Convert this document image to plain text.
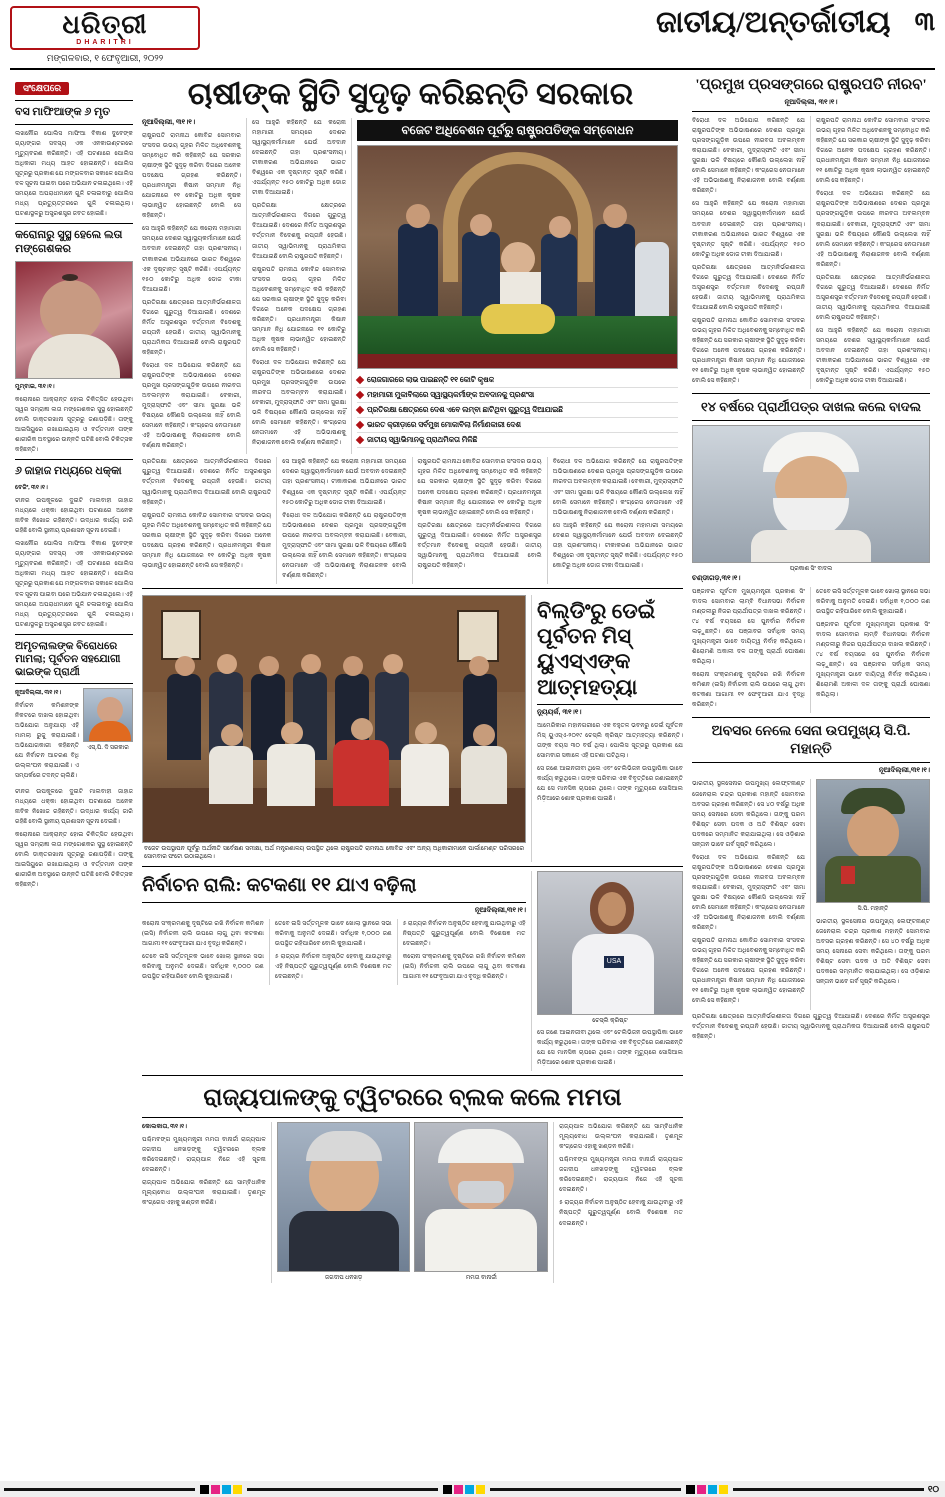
ଧରିତ୍ରୀ
DHARITRI
ମଙ୍ଗଳବାର, ୧ ଫେବୃଆରୀ, ୨୦୨୨
ଜାତୀୟ/ଅନ୍ତର୍ଜାତୀୟ ୩
ସଂକ୍ଷେପରେ
ବସ ମାଫିଆଙ୍କ ୬ ମୃତ

ଲଖନୌର ପୋଲିସ ମାଫିଆ ବିକାଶ ଦୁବେଙ୍କ ଗ୍ୟାଙ୍ଗର ସଦସ୍ୟ ଏକ ଏନକାଉଣ୍ଟରରେ ମୃତ୍ୟୁବରଣ କରିଛନ୍ତି। ଏହି ଘଟଣାରେ ପୋଲିସ ଅଧିକାରୀ ମଧ୍ୟ ଆହତ ହୋଇଛନ୍ତି। ପୋଲିସ ସୂତ୍ରରୁ ପ୍ରକାଶ ଯେ ମଙ୍ଗଳବାର ସକାଳେ ପୋଲିସ ଦଳ ସୂଚନା ପାଇବା ପରେ ଅଭିଯାନ ଚଳାଇଥିଲେ। ଏହି ସମୟରେ ଅପରାଧୀମାନେ ଗୁଳି ଚଳାଇବାରୁ ପୋଲିସ ମଧ୍ୟ ପ୍ରତ୍ୟୁତ୍ତରରେ ଗୁଳି ଚଳାଇଥିଲା। ଘଟଣାସ୍ଥଳରୁ ଅସ୍ତ୍ରଶସ୍ତ୍ର ଜବତ ହୋଇଛି।

କରୋନାରୁ ସୁସ୍ଥ ହେଲେ ଲତା ମଙ୍ଗେଶକର

ମୁମ୍ବାଇ, ୩୧।୧।

କରୋନାରେ ଆକ୍ରାନ୍ତ ହୋଇ ଚିକିତ୍ସିତ ହେଉଥିବା ସ୍ୱର ସମ୍ରାଜ୍ଞୀ ଲତା ମଙ୍ଗେଶକର ସୁସ୍ଥ ହୋଇଛନ୍ତି ବୋଲି ଡାକ୍ତରଖାନା ସୂତ୍ରରୁ ଜଣାପଡ଼ିଛି। ତାଙ୍କୁ ଆଇସିୟୁରେ ରଖାଯାଇଥିଲା ଓ ବର୍ତ୍ତମାନ ତାଙ୍କ ଶାରୀରିକ ଅବସ୍ଥାରେ ଉନ୍ନତି ଘଟିଛି ବୋଲି ଚିକିତ୍ସକ କହିଛନ୍ତି।

୬ ଜାହାଜ ମଧ୍ୟରେ ଧକ୍କା

ବେଜିଂ, ୩୧।୧।

ଚୀନର ଉପକୂଳରେ ଦୁଇଟି ମାଲବାହୀ ଜାହାଜ ମଧ୍ୟରେ ଧକ୍କା ହୋଇଥିବା ଘଟଣାରେ ଅନେକ ନାବିକ ନିଖୋଜ ରହିଛନ୍ତି। ଉଦ୍ଧାର କାର୍ଯ୍ୟ ଜାରି ରହିଛି ବୋଲି ସ୍ଥାନୀୟ ପ୍ରଶାସନ ସୂଚନା ଦେଇଛି।

ଲଖନୌର ପୋଲିସ ମାଫିଆ ବିକାଶ ଦୁବେଙ୍କ ଗ୍ୟାଙ୍ଗର ସଦସ୍ୟ ଏକ ଏନକାଉଣ୍ଟରରେ ମୃତ୍ୟୁବରଣ କରିଛନ୍ତି। ଏହି ଘଟଣାରେ ପୋଲିସ ଅଧିକାରୀ ମଧ୍ୟ ଆହତ ହୋଇଛନ୍ତି। ପୋଲିସ ସୂତ୍ରରୁ ପ୍ରକାଶ ଯେ ମଙ୍ଗଳବାର ସକାଳେ ପୋଲିସ ଦଳ ସୂଚନା ପାଇବା ପରେ ଅଭିଯାନ ଚଳାଇଥିଲେ। ଏହି ସମୟରେ ଅପରାଧୀମାନେ ଗୁଳି ଚଳାଇବାରୁ ପୋଲିସ ମଧ୍ୟ ପ୍ରତ୍ୟୁତ୍ତରରେ ଗୁଳି ଚଳାଇଥିଲା। ଘଟଣାସ୍ଥଳରୁ ଅସ୍ତ୍ରଶସ୍ତ୍ର ଜବତ ହୋଇଛି।

ଅମୃତଲାଲଙ୍କ ବିରୋଧରେ ମାମଲା; ପୂର୍ବତନ ସହଯୋଗୀ ଭାଇଙ୍କ ପ୍ରାର୍ଥୀ

ନୂଆଦିଲ୍ଲୀ, ୩୧।୧।

ନିର୍ବାଚନ କମିଶନଙ୍କ ନିକଟରେ ଦାଖଲ ହୋଇଥିବା ଅଭିଯୋଗ ଅନୁଯାୟୀ ଏହି ମାମଲା ରୁଜୁ କରାଯାଇଛି। ଅଭିଯୋଗକାରୀ କହିଛନ୍ତି ଯେ ନିର୍ବାଚନ ଆଚରଣ ବିଧି ଉଲ୍ଲଂଘନ କରାଯାଇଛି। ଏ ସମ୍ପର୍କରେ ତଦନ୍ତ ଚାଲିଛି।

ଏସ୍.ପି. ଦି ସରକାର

ଚୀନର ଉପକୂଳରେ ଦୁଇଟି ମାଲବାହୀ ଜାହାଜ ମଧ୍ୟରେ ଧକ୍କା ହୋଇଥିବା ଘଟଣାରେ ଅନେକ ନାବିକ ନିଖୋଜ ରହିଛନ୍ତି। ଉଦ୍ଧାର କାର୍ଯ୍ୟ ଜାରି ରହିଛି ବୋଲି ସ୍ଥାନୀୟ ପ୍ରଶାସନ ସୂଚନା ଦେଇଛି।

କରୋନାରେ ଆକ୍ରାନ୍ତ ହୋଇ ଚିକିତ୍ସିତ ହେଉଥିବା ସ୍ୱର ସମ୍ରାଜ୍ଞୀ ଲତା ମଙ୍ଗେଶକର ସୁସ୍ଥ ହୋଇଛନ୍ତି ବୋଲି ଡାକ୍ତରଖାନା ସୂତ୍ରରୁ ଜଣାପଡ଼ିଛି। ତାଙ୍କୁ ଆଇସିୟୁରେ ରଖାଯାଇଥିଲା ଓ ବର୍ତ୍ତମାନ ତାଙ୍କ ଶାରୀରିକ ଅବସ୍ଥାରେ ଉନ୍ନତି ଘଟିଛି ବୋଲି ଚିକିତ୍ସକ କହିଛନ୍ତି।

ଚାଷୀଙ୍କ ସ୍ଥିତି ସୁଦୃଢ଼ କରିଛନ୍ତି ସରକାର
ନୂଆଦିଲ୍ଲୀ, ୩୧।୧।

ରାଷ୍ଟ୍ରପତି ରାମନାଥ କୋବିନ୍ଦ ସୋମବାର ସଂସଦର ଉଭୟ ଗୃହର ମିଳିତ ଅଧିବେଶନକୁ ସମ୍ବୋଧିତ କରି କହିଛନ୍ତି ଯେ ସରକାର ଚାଷୀଙ୍କ ସ୍ଥିତି ସୁଦୃଢ଼ କରିବା ଦିଗରେ ଅନେକ ପଦକ୍ଷେପ ଗ୍ରହଣ କରିଛନ୍ତି। ପ୍ରଧାନମନ୍ତ୍ରୀ କିଷାନ ସମ୍ମାନ ନିଧି ଯୋଜନାରେ ୧୧ କୋଟିରୁ ଅଧିକ କୃଷକ ଲାଭାନ୍ୱିତ ହୋଇଛନ୍ତି ବୋଲି ସେ କହିଛନ୍ତି।

ସେ ଆହୁରି କହିଛନ୍ତି ଯେ କରୋନା ମହାମାରୀ ସମୟରେ ଦେଶର ସ୍ୱାସ୍ଥ୍ୟକର୍ମୀମାନେ ଯେଉଁ ଅବଦାନ ଦେଇଛନ୍ତି ତାହା ପ୍ରଶଂସନୀୟ। ଟୀକାକରଣ ଅଭିଯାନରେ ଭାରତ ବିଶ୍ୱରେ ଏକ ଦୃଷ୍ଟାନ୍ତ ସୃଷ୍ଟି କରିଛି। ଏପର୍ଯ୍ୟନ୍ତ ୧୫୦ କୋଟିରୁ ଅଧିକ ଡୋଜ ଟୀକା ଦିଆଯାଇଛି।

ପ୍ରତିରକ୍ଷା କ୍ଷେତ୍ରରେ ଆତ୍ମନିର୍ଭରଶୀଳତା ଦିଗରେ ଗୁରୁତ୍ୱ ଦିଆଯାଇଛି। ଦେଶରେ ନିର୍ମିତ ଅସ୍ତ୍ରଶସ୍ତ୍ର ବର୍ତ୍ତମାନ ବିଦେଶକୁ ରପ୍ତାନି ହେଉଛି। ଜାତୀୟ ସ୍ୱାଭିମାନକୁ ପ୍ରାଥମିକତା ଦିଆଯାଇଛି ବୋଲି ରାଷ୍ଟ୍ରପତି କହିଛନ୍ତି।

ବିରୋଧୀ ଦଳ ଅଭିଯୋଗ କରିଛନ୍ତି ଯେ ରାଷ୍ଟ୍ରପତିଙ୍କ ଅଭିଭାଷଣରେ ଦେଶର ପ୍ରମୁଖ ପ୍ରସଙ୍ଗଗୁଡ଼ିକ ଉପରେ ନୀରବତା ଅବଲମ୍ବନ କରାଯାଇଛି। ବେକାରୀ, ମୁଦ୍ରାସ୍ଫୀତି ଏବଂ ସୀମା ସୁରକ୍ଷା ଭଳି ବିଷୟରେ କୌଣସି ଉଲ୍ଲେଖ ନାହିଁ ବୋଲି ସେମାନେ କହିଛନ୍ତି। କଂଗ୍ରେସ ନେତାମାନେ ଏହି ଅଭିଭାଷଣକୁ ନିରାଶାଜନକ ବୋଲି ବର୍ଣ୍ଣନା କରିଛନ୍ତି।

ସେ ଆହୁରି କହିଛନ୍ତି ଯେ କରୋନା ମହାମାରୀ ସମୟରେ ଦେଶର ସ୍ୱାସ୍ଥ୍ୟକର୍ମୀମାନେ ଯେଉଁ ଅବଦାନ ଦେଇଛନ୍ତି ତାହା ପ୍ରଶଂସନୀୟ। ଟୀକାକରଣ ଅଭିଯାନରେ ଭାରତ ବିଶ୍ୱରେ ଏକ ଦୃଷ୍ଟାନ୍ତ ସୃଷ୍ଟି କରିଛି। ଏପର୍ଯ୍ୟନ୍ତ ୧୫୦ କୋଟିରୁ ଅଧିକ ଡୋଜ ଟୀକା ଦିଆଯାଇଛି।

ପ୍ରତିରକ୍ଷା କ୍ଷେତ୍ରରେ ଆତ୍ମନିର୍ଭରଶୀଳତା ଦିଗରେ ଗୁରୁତ୍ୱ ଦିଆଯାଇଛି। ଦେଶରେ ନିର୍ମିତ ଅସ୍ତ୍ରଶସ୍ତ୍ର ବର୍ତ୍ତମାନ ବିଦେଶକୁ ରପ୍ତାନି ହେଉଛି। ଜାତୀୟ ସ୍ୱାଭିମାନକୁ ପ୍ରାଥମିକତା ଦିଆଯାଇଛି ବୋଲି ରାଷ୍ଟ୍ରପତି କହିଛନ୍ତି।

ରାଷ୍ଟ୍ରପତି ରାମନାଥ କୋବିନ୍ଦ ସୋମବାର ସଂସଦର ଉଭୟ ଗୃହର ମିଳିତ ଅଧିବେଶନକୁ ସମ୍ବୋଧିତ କରି କହିଛନ୍ତି ଯେ ସରକାର ଚାଷୀଙ୍କ ସ୍ଥିତି ସୁଦୃଢ଼ କରିବା ଦିଗରେ ଅନେକ ପଦକ୍ଷେପ ଗ୍ରହଣ କରିଛନ୍ତି। ପ୍ରଧାନମନ୍ତ୍ରୀ କିଷାନ ସମ୍ମାନ ନିଧି ଯୋଜନାରେ ୧୧ କୋଟିରୁ ଅଧିକ କୃଷକ ଲାଭାନ୍ୱିତ ହୋଇଛନ୍ତି ବୋଲି ସେ କହିଛନ୍ତି।

ବିରୋଧୀ ଦଳ ଅଭିଯୋଗ କରିଛନ୍ତି ଯେ ରାଷ୍ଟ୍ରପତିଙ୍କ ଅଭିଭାଷଣରେ ଦେଶର ପ୍ରମୁଖ ପ୍ରସଙ୍ଗଗୁଡ଼ିକ ଉପରେ ନୀରବତା ଅବଲମ୍ବନ କରାଯାଇଛି। ବେକାରୀ, ମୁଦ୍ରାସ୍ଫୀତି ଏବଂ ସୀମା ସୁରକ୍ଷା ଭଳି ବିଷୟରେ କୌଣସି ଉଲ୍ଲେଖ ନାହିଁ ବୋଲି ସେମାନେ କହିଛନ୍ତି। କଂଗ୍ରେସ ନେତାମାନେ ଏହି ଅଭିଭାଷଣକୁ ନିରାଶାଜନକ ବୋଲି ବର୍ଣ୍ଣନା କରିଛନ୍ତି।

ବଜେଟ ଅଧିବେଶନ ପୂର୍ବରୁ ରାଷ୍ଟ୍ରପତିଙ୍କ ସମ୍ବୋଧନ
ରୋଜଗାରରେ ଲାଭ ପାଇଛନ୍ତି ୧୧ କୋଟି କୃଷକ
ମହାମାରୀ ମୁକାବିଲାରେ ସ୍ୱାସ୍ଥ୍ୟକର୍ମୀଙ୍କ ଅବଦାନକୁ ପ୍ରଶଂସା
ପ୍ରତିରକ୍ଷା କ୍ଷେତ୍ରରେ ଦେଶ ଏବେ ଲମ୍ବା ଛାଟିଥିବା ଗୁରୁତ୍ୱ ଦିଆଯାଇଛି
ଭାରତ କ୍ରୀଡ଼ାରେ ସର୍ବମୁଖ ମୋକାବିଲା ନିର୍ମାଣକାରୀ ଦେଶ
ଜାତୀୟ ସ୍ୱାଭିମାନକୁ ପ୍ରାଥମିକତା ମିଳିଛି

ପ୍ରତିରକ୍ଷା କ୍ଷେତ୍ରରେ ଆତ୍ମନିର୍ଭରଶୀଳତା ଦିଗରେ ଗୁରୁତ୍ୱ ଦିଆଯାଇଛି। ଦେଶରେ ନିର୍ମିତ ଅସ୍ତ୍ରଶସ୍ତ୍ର ବର୍ତ୍ତମାନ ବିଦେଶକୁ ରପ୍ତାନି ହେଉଛି। ଜାତୀୟ ସ୍ୱାଭିମାନକୁ ପ୍ରାଥମିକତା ଦିଆଯାଇଛି ବୋଲି ରାଷ୍ଟ୍ରପତି କହିଛନ୍ତି।

ରାଷ୍ଟ୍ରପତି ରାମନାଥ କୋବିନ୍ଦ ସୋମବାର ସଂସଦର ଉଭୟ ଗୃହର ମିଳିତ ଅଧିବେଶନକୁ ସମ୍ବୋଧିତ କରି କହିଛନ୍ତି ଯେ ସରକାର ଚାଷୀଙ୍କ ସ୍ଥିତି ସୁଦୃଢ଼ କରିବା ଦିଗରେ ଅନେକ ପଦକ୍ଷେପ ଗ୍ରହଣ କରିଛନ୍ତି। ପ୍ରଧାନମନ୍ତ୍ରୀ କିଷାନ ସମ୍ମାନ ନିଧି ଯୋଜନାରେ ୧୧ କୋଟିରୁ ଅଧିକ କୃଷକ ଲାଭାନ୍ୱିତ ହୋଇଛନ୍ତି ବୋଲି ସେ କହିଛନ୍ତି।

ସେ ଆହୁରି କହିଛନ୍ତି ଯେ କରୋନା ମହାମାରୀ ସମୟରେ ଦେଶର ସ୍ୱାସ୍ଥ୍ୟକର୍ମୀମାନେ ଯେଉଁ ଅବଦାନ ଦେଇଛନ୍ତି ତାହା ପ୍ରଶଂସନୀୟ। ଟୀକାକରଣ ଅଭିଯାନରେ ଭାରତ ବିଶ୍ୱରେ ଏକ ଦୃଷ୍ଟାନ୍ତ ସୃଷ୍ଟି କରିଛି। ଏପର୍ଯ୍ୟନ୍ତ ୧୫୦ କୋଟିରୁ ଅଧିକ ଡୋଜ ଟୀକା ଦିଆଯାଇଛି।

ବିରୋଧୀ ଦଳ ଅଭିଯୋଗ କରିଛନ୍ତି ଯେ ରାଷ୍ଟ୍ରପତିଙ୍କ ଅଭିଭାଷଣରେ ଦେଶର ପ୍ରମୁଖ ପ୍ରସଙ୍ଗଗୁଡ଼ିକ ଉପରେ ନୀରବତା ଅବଲମ୍ବନ କରାଯାଇଛି। ବେକାରୀ, ମୁଦ୍ରାସ୍ଫୀତି ଏବଂ ସୀମା ସୁରକ୍ଷା ଭଳି ବିଷୟରେ କୌଣସି ଉଲ୍ଲେଖ ନାହିଁ ବୋଲି ସେମାନେ କହିଛନ୍ତି। କଂଗ୍ରେସ ନେତାମାନେ ଏହି ଅଭିଭାଷଣକୁ ନିରାଶାଜନକ ବୋଲି ବର୍ଣ୍ଣନା କରିଛନ୍ତି।

ରାଷ୍ଟ୍ରପତି ରାମନାଥ କୋବିନ୍ଦ ସୋମବାର ସଂସଦର ଉଭୟ ଗୃହର ମିଳିତ ଅଧିବେଶନକୁ ସମ୍ବୋଧିତ କରି କହିଛନ୍ତି ଯେ ସରକାର ଚାଷୀଙ୍କ ସ୍ଥିତି ସୁଦୃଢ଼ କରିବା ଦିଗରେ ଅନେକ ପଦକ୍ଷେପ ଗ୍ରହଣ କରିଛନ୍ତି। ପ୍ରଧାନମନ୍ତ୍ରୀ କିଷାନ ସମ୍ମାନ ନିଧି ଯୋଜନାରେ ୧୧ କୋଟିରୁ ଅଧିକ କୃଷକ ଲାଭାନ୍ୱିତ ହୋଇଛନ୍ତି ବୋଲି ସେ କହିଛନ୍ତି।

ପ୍ରତିରକ୍ଷା କ୍ଷେତ୍ରରେ ଆତ୍ମନିର୍ଭରଶୀଳତା ଦିଗରେ ଗୁରୁତ୍ୱ ଦିଆଯାଇଛି। ଦେଶରେ ନିର୍ମିତ ଅସ୍ତ୍ରଶସ୍ତ୍ର ବର୍ତ୍ତମାନ ବିଦେଶକୁ ରପ୍ତାନି ହେଉଛି। ଜାତୀୟ ସ୍ୱାଭିମାନକୁ ପ୍ରାଥମିକତା ଦିଆଯାଇଛି ବୋଲି ରାଷ୍ଟ୍ରପତି କହିଛନ୍ତି।

ବିରୋଧୀ ଦଳ ଅଭିଯୋଗ କରିଛନ୍ତି ଯେ ରାଷ୍ଟ୍ରପତିଙ୍କ ଅଭିଭାଷଣରେ ଦେଶର ପ୍ରମୁଖ ପ୍ରସଙ୍ଗଗୁଡ଼ିକ ଉପରେ ନୀରବତା ଅବଲମ୍ବନ କରାଯାଇଛି। ବେକାରୀ, ମୁଦ୍ରାସ୍ଫୀତି ଏବଂ ସୀମା ସୁରକ୍ଷା ଭଳି ବିଷୟରେ କୌଣସି ଉଲ୍ଲେଖ ନାହିଁ ବୋଲି ସେମାନେ କହିଛନ୍ତି। କଂଗ୍ରେସ ନେତାମାନେ ଏହି ଅଭିଭାଷଣକୁ ନିରାଶାଜନକ ବୋଲି ବର୍ଣ୍ଣନା କରିଛନ୍ତି।

ସେ ଆହୁରି କହିଛନ୍ତି ଯେ କରୋନା ମହାମାରୀ ସମୟରେ ଦେଶର ସ୍ୱାସ୍ଥ୍ୟକର୍ମୀମାନେ ଯେଉଁ ଅବଦାନ ଦେଇଛନ୍ତି ତାହା ପ୍ରଶଂସନୀୟ। ଟୀକାକରଣ ଅଭିଯାନରେ ଭାରତ ବିଶ୍ୱରେ ଏକ ଦୃଷ୍ଟାନ୍ତ ସୃଷ୍ଟି କରିଛି। ଏପର୍ଯ୍ୟନ୍ତ ୧୫୦ କୋଟିରୁ ଅଧିକ ଡୋଜ ଟୀକା ଦିଆଯାଇଛି।

ବଜେଟ ଉପସ୍ଥାପନ ପୂର୍ବରୁ ଅର୍ଥନୀତି ସର୍ବେକ୍ଷଣ ସମୀକ୍ଷା, ଅର୍ଥ ମନ୍ତ୍ରଣାଳୟ ଉପସ୍ଥିତ ଥିଲେ ରାଷ୍ଟ୍ରପତି ରାମନାଥ କୋବିନ୍ଦ ଏବଂ ଅନ୍ୟ ଅଧିକାରୀମାନେ ପାର୍ଲାମେଣ୍ଟ ପରିସରରେ ସୋମବାର ଫଟୋ ଉଠାଇଥିଲେ।
ବିଲ୍ଡିଂରୁ ଡେଇଁ ପୂର୍ବତନ ମିସ୍ ୟୁଏସ୍ଏଙ୍କ ଆତ୍ମହତ୍ୟା
ନ୍ୟୁୟର୍କ, ୩୧।୧।

ଆମେରିକାର ମହାନଗରୀରେ ଏକ ବହୁତଳ ଭବନରୁ ଡେଇଁ ପୂର୍ବତନ ମିସ୍ ୟୁଏସ୍ଏ-୨୦୧୯ ଚେସ୍ଲି କ୍ରିଷ୍ଟ ଆତ୍ମହତ୍ୟା କରିଛନ୍ତି। ତାଙ୍କ ବୟସ ୩୦ ବର୍ଷ ଥିଲା। ପୋଲିସ ସୂତ୍ରରୁ ପ୍ରକାଶ ଯେ ସୋମବାର ସକାଳେ ଏହି ଘଟଣା ଘଟିଥିଲା।

ସେ ଜଣେ ଆଇନଜୀବୀ ଥିଲେ ଏବଂ ଟେଲିଭିଜନ ଉପସ୍ଥାପିକା ଭାବେ କାର୍ଯ୍ୟ କରୁଥିଲେ। ତାଙ୍କ ପରିବାର ଏକ ବିବୃତ୍ତିରେ ଜଣାଇଛନ୍ତି ଯେ ସେ ମାନସିକ ଚାପରେ ଥିଲେ। ତାଙ୍କ ମୃତ୍ୟୁରେ ସୋସିଆଲ ମିଡ଼ିଆରେ ଶୋକ ପ୍ରକାଶ ପାଇଛି।

ନିର୍ବାଚନ ରାଲି: କଟକଣା ୧୧ ଯାଏ ବଢ଼ିଲା
ନୂଆଦିଲ୍ଲୀ,୩୧।୧।

କରୋନା ସଂକ୍ରମଣକୁ ଦୃଷ୍ଟିରେ ରଖି ନିର୍ବାଚନ କମିଶନ (ଇସି) ନିର୍ବାଚନୀ ରାଲି ଉପରେ ଲାଗୁ ଥିବା କଟକଣା ଆଗାମୀ ୧୧ ଫେବୃଆରୀ ଯାଏ ବୃଦ୍ଧି କରିଛନ୍ତି।

ତେବେ ଇସି ସର୍ତ୍ତମୂଳକ ଭାବେ ଖୋଲା ସ୍ଥାନରେ ସଭା କରିବାକୁ ଅନୁମତି ଦେଇଛି। ସର୍ବାଧିକ ୧,୦୦୦ ଜଣ ଉପସ୍ଥିତ ରହିପାରିବେ ବୋଲି କୁହାଯାଇଛି।

ତେବେ ଇସି ସର୍ତ୍ତମୂଳକ ଭାବେ ଖୋଲା ସ୍ଥାନରେ ସଭା କରିବାକୁ ଅନୁମତି ଦେଇଛି। ସର୍ବାଧିକ ୧,୦୦୦ ଜଣ ଉପସ୍ଥିତ ରହିପାରିବେ ବୋଲି କୁହାଯାଇଛି।

୫ ରାଜ୍ୟର ନିର୍ବାଚନ ଅନୁଷ୍ଠିତ ହେବାକୁ ଯାଉଥିବାରୁ ଏହି ନିଷ୍ପତ୍ତି ଗୁରୁତ୍ୱପୂର୍ଣ୍ଣ ବୋଲି ବିଶେଷଜ୍ଞ ମତ ଦେଇଛନ୍ତି।

୫ ରାଜ୍ୟର ନିର୍ବାଚନ ଅନୁଷ୍ଠିତ ହେବାକୁ ଯାଉଥିବାରୁ ଏହି ନିଷ୍ପତ୍ତି ଗୁରୁତ୍ୱପୂର୍ଣ୍ଣ ବୋଲି ବିଶେଷଜ୍ଞ ମତ ଦେଇଛନ୍ତି।

କରୋନା ସଂକ୍ରମଣକୁ ଦୃଷ୍ଟିରେ ରଖି ନିର୍ବାଚନ କମିଶନ (ଇସି) ନିର୍ବାଚନୀ ରାଲି ଉପରେ ଲାଗୁ ଥିବା କଟକଣା ଆଗାମୀ ୧୧ ଫେବୃଆରୀ ଯାଏ ବୃଦ୍ଧି କରିଛନ୍ତି।

USA
ଚେସ୍ଲି କ୍ରିଷ୍ଟ

ସେ ଜଣେ ଆଇନଜୀବୀ ଥିଲେ ଏବଂ ଟେଲିଭିଜନ ଉପସ୍ଥାପିକା ଭାବେ କାର୍ଯ୍ୟ କରୁଥିଲେ। ତାଙ୍କ ପରିବାର ଏକ ବିବୃତ୍ତିରେ ଜଣାଇଛନ୍ତି ଯେ ସେ ମାନସିକ ଚାପରେ ଥିଲେ। ତାଙ୍କ ମୃତ୍ୟୁରେ ସୋସିଆଲ ମିଡ଼ିଆରେ ଶୋକ ପ୍ରକାଶ ପାଇଛି।

ରାଜ୍ୟପାଳଙ୍କୁ ଟ୍ୱିଟରରେ ବ୍ଲକ କଲେ ମମତା

କୋଲକାତା, ୩୧।୧।

ପଶ୍ଚିମବଙ୍ଗ ମୁଖ୍ୟମନ୍ତ୍ରୀ ମମତା ବାନାର୍ଜୀ ରାଜ୍ୟପାଳ ଜଗଦୀପ ଧନଖଡ଼ଙ୍କୁ ଟ୍ୱିଟରରେ ବ୍ଲକ କରିଦେଇଛନ୍ତି। ରାଜ୍ୟପାଳ ନିଜେ ଏହି ସୂଚନା ଦେଇଛନ୍ତି।

ରାଜ୍ୟପାଳ ଅଭିଯୋଗ କରିଛନ୍ତି ଯେ ସାମ୍ବିଧାନିକ ମୂଲ୍ୟବୋଧ ଉଲ୍ଲଂଘନ କରାଯାଇଛି। ତୃଣମୂଳ କଂଗ୍ରେସ ଏହାକୁ ଖଣ୍ଡନ କରିଛି।

ଜଗଦୀପ ଧନଖଡ଼	ମମତା ବାନାର୍ଜୀ

ରାଜ୍ୟପାଳ ଅଭିଯୋଗ କରିଛନ୍ତି ଯେ ସାମ୍ବିଧାନିକ ମୂଲ୍ୟବୋଧ ଉଲ୍ଲଂଘନ କରାଯାଇଛି। ତୃଣମୂଳ କଂଗ୍ରେସ ଏହାକୁ ଖଣ୍ଡନ କରିଛି।

ପଶ୍ଚିମବଙ୍ଗ ମୁଖ୍ୟମନ୍ତ୍ରୀ ମମତା ବାନାର୍ଜୀ ରାଜ୍ୟପାଳ ଜଗଦୀପ ଧନଖଡ଼ଙ୍କୁ ଟ୍ୱିଟରରେ ବ୍ଲକ କରିଦେଇଛନ୍ତି। ରାଜ୍ୟପାଳ ନିଜେ ଏହି ସୂଚନା ଦେଇଛନ୍ତି।

୫ ରାଜ୍ୟର ନିର୍ବାଚନ ଅନୁଷ୍ଠିତ ହେବାକୁ ଯାଉଥିବାରୁ ଏହି ନିଷ୍ପତ୍ତି ଗୁରୁତ୍ୱପୂର୍ଣ୍ଣ ବୋଲି ବିଶେଷଜ୍ଞ ମତ ଦେଇଛନ୍ତି।

'ପ୍ରମୁଖ ପ୍ରସଙ୍ଗରେ ରାଷ୍ଟ୍ରପତି ନୀରବ'
ନୂଆଦିଲ୍ଲୀ, ୩୧।୧।

ବିରୋଧୀ ଦଳ ଅଭିଯୋଗ କରିଛନ୍ତି ଯେ ରାଷ୍ଟ୍ରପତିଙ୍କ ଅଭିଭାଷଣରେ ଦେଶର ପ୍ରମୁଖ ପ୍ରସଙ୍ଗଗୁଡ଼ିକ ଉପରେ ନୀରବତା ଅବଲମ୍ବନ କରାଯାଇଛି। ବେକାରୀ, ମୁଦ୍ରାସ୍ଫୀତି ଏବଂ ସୀମା ସୁରକ୍ଷା ଭଳି ବିଷୟରେ କୌଣସି ଉଲ୍ଲେଖ ନାହିଁ ବୋଲି ସେମାନେ କହିଛନ୍ତି। କଂଗ୍ରେସ ନେତାମାନେ ଏହି ଅଭିଭାଷଣକୁ ନିରାଶାଜନକ ବୋଲି ବର୍ଣ୍ଣନା କରିଛନ୍ତି।

ସେ ଆହୁରି କହିଛନ୍ତି ଯେ କରୋନା ମହାମାରୀ ସମୟରେ ଦେଶର ସ୍ୱାସ୍ଥ୍ୟକର୍ମୀମାନେ ଯେଉଁ ଅବଦାନ ଦେଇଛନ୍ତି ତାହା ପ୍ରଶଂସନୀୟ। ଟୀକାକରଣ ଅଭିଯାନରେ ଭାରତ ବିଶ୍ୱରେ ଏକ ଦୃଷ୍ଟାନ୍ତ ସୃଷ୍ଟି କରିଛି। ଏପର୍ଯ୍ୟନ୍ତ ୧୫୦ କୋଟିରୁ ଅଧିକ ଡୋଜ ଟୀକା ଦିଆଯାଇଛି।

ପ୍ରତିରକ୍ଷା କ୍ଷେତ୍ରରେ ଆତ୍ମନିର୍ଭରଶୀଳତା ଦିଗରେ ଗୁରୁତ୍ୱ ଦିଆଯାଇଛି। ଦେଶରେ ନିର୍ମିତ ଅସ୍ତ୍ରଶସ୍ତ୍ର ବର୍ତ୍ତମାନ ବିଦେଶକୁ ରପ୍ତାନି ହେଉଛି। ଜାତୀୟ ସ୍ୱାଭିମାନକୁ ପ୍ରାଥମିକତା ଦିଆଯାଇଛି ବୋଲି ରାଷ୍ଟ୍ରପତି କହିଛନ୍ତି।

ରାଷ୍ଟ୍ରପତି ରାମନାଥ କୋବିନ୍ଦ ସୋମବାର ସଂସଦର ଉଭୟ ଗୃହର ମିଳିତ ଅଧିବେଶନକୁ ସମ୍ବୋଧିତ କରି କହିଛନ୍ତି ଯେ ସରକାର ଚାଷୀଙ୍କ ସ୍ଥିତି ସୁଦୃଢ଼ କରିବା ଦିଗରେ ଅନେକ ପଦକ୍ଷେପ ଗ୍ରହଣ କରିଛନ୍ତି। ପ୍ରଧାନମନ୍ତ୍ରୀ କିଷାନ ସମ୍ମାନ ନିଧି ଯୋଜନାରେ ୧୧ କୋଟିରୁ ଅଧିକ କୃଷକ ଲାଭାନ୍ୱିତ ହୋଇଛନ୍ତି ବୋଲି ସେ କହିଛନ୍ତି।

ରାଷ୍ଟ୍ରପତି ରାମନାଥ କୋବିନ୍ଦ ସୋମବାର ସଂସଦର ଉଭୟ ଗୃହର ମିଳିତ ଅଧିବେଶନକୁ ସମ୍ବୋଧିତ କରି କହିଛନ୍ତି ଯେ ସରକାର ଚାଷୀଙ୍କ ସ୍ଥିତି ସୁଦୃଢ଼ କରିବା ଦିଗରେ ଅନେକ ପଦକ୍ଷେପ ଗ୍ରହଣ କରିଛନ୍ତି। ପ୍ରଧାନମନ୍ତ୍ରୀ କିଷାନ ସମ୍ମାନ ନିଧି ଯୋଜନାରେ ୧୧ କୋଟିରୁ ଅଧିକ କୃଷକ ଲାଭାନ୍ୱିତ ହୋଇଛନ୍ତି ବୋଲି ସେ କହିଛନ୍ତି।

ବିରୋଧୀ ଦଳ ଅଭିଯୋଗ କରିଛନ୍ତି ଯେ ରାଷ୍ଟ୍ରପତିଙ୍କ ଅଭିଭାଷଣରେ ଦେଶର ପ୍ରମୁଖ ପ୍ରସଙ୍ଗଗୁଡ଼ିକ ଉପରେ ନୀରବତା ଅବଲମ୍ବନ କରାଯାଇଛି। ବେକାରୀ, ମୁଦ୍ରାସ୍ଫୀତି ଏବଂ ସୀମା ସୁରକ୍ଷା ଭଳି ବିଷୟରେ କୌଣସି ଉଲ୍ଲେଖ ନାହିଁ ବୋଲି ସେମାନେ କହିଛନ୍ତି। କଂଗ୍ରେସ ନେତାମାନେ ଏହି ଅଭିଭାଷଣକୁ ନିରାଶାଜନକ ବୋଲି ବର୍ଣ୍ଣନା କରିଛନ୍ତି।

ପ୍ରତିରକ୍ଷା କ୍ଷେତ୍ରରେ ଆତ୍ମନିର୍ଭରଶୀଳତା ଦିଗରେ ଗୁରୁତ୍ୱ ଦିଆଯାଇଛି। ଦେଶରେ ନିର୍ମିତ ଅସ୍ତ୍ରଶସ୍ତ୍ର ବର୍ତ୍ତମାନ ବିଦେଶକୁ ରପ୍ତାନି ହେଉଛି। ଜାତୀୟ ସ୍ୱାଭିମାନକୁ ପ୍ରାଥମିକତା ଦିଆଯାଇଛି ବୋଲି ରାଷ୍ଟ୍ରପତି କହିଛନ୍ତି।

ସେ ଆହୁରି କହିଛନ୍ତି ଯେ କରୋନା ମହାମାରୀ ସମୟରେ ଦେଶର ସ୍ୱାସ୍ଥ୍ୟକର୍ମୀମାନେ ଯେଉଁ ଅବଦାନ ଦେଇଛନ୍ତି ତାହା ପ୍ରଶଂସନୀୟ। ଟୀକାକରଣ ଅଭିଯାନରେ ଭାରତ ବିଶ୍ୱରେ ଏକ ଦୃଷ୍ଟାନ୍ତ ସୃଷ୍ଟି କରିଛି। ଏପର୍ଯ୍ୟନ୍ତ ୧୫୦ କୋଟିରୁ ଅଧିକ ଡୋଜ ଟୀକା ଦିଆଯାଇଛି।

୧୪ ବର୍ଷରେ ପ୍ରାର୍ଥୀପତ୍ର ଦାଖଲ କଲେ ବାଦଲ
ପ୍ରକାଶ ସିଂ ବାଦଲ
ଚଣ୍ଡୀଗଡ଼,୩୧।୧।

ପଞ୍ଜାବର ପୂର୍ବତନ ମୁଖ୍ୟମନ୍ତ୍ରୀ ପ୍ରକାଶ ସିଂ ବାଦଲ ସୋମବାର ଲାମ୍ବି ବିଧାନସଭା ନିର୍ବାଚନ ମଣ୍ଡଳୀରୁ ନିଜର ପ୍ରାର୍ଥୀପତ୍ର ଦାଖଲ କରିଛନ୍ତି। ୯୪ ବର୍ଷ ବୟସରେ ସେ ପୁନର୍ବାର ନିର୍ବାଚନ ଲଢ଼ୁଛନ୍ତି। ସେ ପଞ୍ଜାବର ସର୍ବାଧିକ ସମୟ ମୁଖ୍ୟମନ୍ତ୍ରୀ ଭାବେ ଦାୟିତ୍ୱ ନିର୍ବାହ କରିଥିଲେ। ଶିରୋମଣି ଅକାଳୀ ଦଳ ତାଙ୍କୁ ପ୍ରାର୍ଥୀ ଘୋଷଣା କରିଥିଲା।

କରୋନା ସଂକ୍ରମଣକୁ ଦୃଷ୍ଟିରେ ରଖି ନିର୍ବାଚନ କମିଶନ (ଇସି) ନିର୍ବାଚନୀ ରାଲି ଉପରେ ଲାଗୁ ଥିବା କଟକଣା ଆଗାମୀ ୧୧ ଫେବୃଆରୀ ଯାଏ ବୃଦ୍ଧି କରିଛନ୍ତି।

ତେବେ ଇସି ସର୍ତ୍ତମୂଳକ ଭାବେ ଖୋଲା ସ୍ଥାନରେ ସଭା କରିବାକୁ ଅନୁମତି ଦେଇଛି। ସର୍ବାଧିକ ୧,୦୦୦ ଜଣ ଉପସ୍ଥିତ ରହିପାରିବେ ବୋଲି କୁହାଯାଇଛି।

ପଞ୍ଜାବର ପୂର୍ବତନ ମୁଖ୍ୟମନ୍ତ୍ରୀ ପ୍ରକାଶ ସିଂ ବାଦଲ ସୋମବାର ଲାମ୍ବି ବିଧାନସଭା ନିର୍ବାଚନ ମଣ୍ଡଳୀରୁ ନିଜର ପ୍ରାର୍ଥୀପତ୍ର ଦାଖଲ କରିଛନ୍ତି। ୯୪ ବର୍ଷ ବୟସରେ ସେ ପୁନର୍ବାର ନିର୍ବାଚନ ଲଢ଼ୁଛନ୍ତି। ସେ ପଞ୍ଜାବର ସର୍ବାଧିକ ସମୟ ମୁଖ୍ୟମନ୍ତ୍ରୀ ଭାବେ ଦାୟିତ୍ୱ ନିର୍ବାହ କରିଥିଲେ। ଶିରୋମଣି ଅକାଳୀ ଦଳ ତାଙ୍କୁ ପ୍ରାର୍ଥୀ ଘୋଷଣା କରିଥିଲା।

ଅବସର ନେଲେ ସେନା ଉପମୁଖ୍ୟ ସି.ପି. ମହାନ୍ତି
ନୂଆଦିଲ୍ଲୀ,୩୧।୧।

ଭାରତୀୟ ସ୍ଥଳସେନାର ଉପମୁଖ୍ୟ ଲେଫ୍ଟନାଣ୍ଟ ଜେନେରାଲ ଚନ୍ଦ୍ର ପ୍ରକାଶ ମହାନ୍ତି ସୋମବାର ଅବସର ଗ୍ରହଣ କରିଛନ୍ତି। ସେ ୪୦ ବର୍ଷରୁ ଅଧିକ ସମୟ ସେନାରେ ସେବା କରିଥିଲେ। ତାଙ୍କୁ ପରମ ବିଶିଷ୍ଟ ସେବା ପଦକ ଓ ଅତି ବିଶିଷ୍ଟ ସେବା ପଦକରେ ସମ୍ମାନିତ କରାଯାଇଥିଲା। ସେ ଓଡ଼ିଶାର ସନ୍ତାନ ଭାବେ ଗର୍ବ ସୃଷ୍ଟି କରିଥିଲେ।

ବିରୋଧୀ ଦଳ ଅଭିଯୋଗ କରିଛନ୍ତି ଯେ ରାଷ୍ଟ୍ରପତିଙ୍କ ଅଭିଭାଷଣରେ ଦେଶର ପ୍ରମୁଖ ପ୍ରସଙ୍ଗଗୁଡ଼ିକ ଉପରେ ନୀରବତା ଅବଲମ୍ବନ କରାଯାଇଛି। ବେକାରୀ, ମୁଦ୍ରାସ୍ଫୀତି ଏବଂ ସୀମା ସୁରକ୍ଷା ଭଳି ବିଷୟରେ କୌଣସି ଉଲ୍ଲେଖ ନାହିଁ ବୋଲି ସେମାନେ କହିଛନ୍ତି। କଂଗ୍ରେସ ନେତାମାନେ ଏହି ଅଭିଭାଷଣକୁ ନିରାଶାଜନକ ବୋଲି ବର୍ଣ୍ଣନା କରିଛନ୍ତି।

ରାଷ୍ଟ୍ରପତି ରାମନାଥ କୋବିନ୍ଦ ସୋମବାର ସଂସଦର ଉଭୟ ଗୃହର ମିଳିତ ଅଧିବେଶନକୁ ସମ୍ବୋଧିତ କରି କହିଛନ୍ତି ଯେ ସରକାର ଚାଷୀଙ୍କ ସ୍ଥିତି ସୁଦୃଢ଼ କରିବା ଦିଗରେ ଅନେକ ପଦକ୍ଷେପ ଗ୍ରହଣ କରିଛନ୍ତି। ପ୍ରଧାନମନ୍ତ୍ରୀ କିଷାନ ସମ୍ମାନ ନିଧି ଯୋଜନାରେ ୧୧ କୋଟିରୁ ଅଧିକ କୃଷକ ଲାଭାନ୍ୱିତ ହୋଇଛନ୍ତି ବୋଲି ସେ କହିଛନ୍ତି।

ସି.ପି. ମହାନ୍ତି

ଭାରତୀୟ ସ୍ଥଳସେନାର ଉପମୁଖ୍ୟ ଲେଫ୍ଟନାଣ୍ଟ ଜେନେରାଲ ଚନ୍ଦ୍ର ପ୍ରକାଶ ମହାନ୍ତି ସୋମବାର ଅବସର ଗ୍ରହଣ କରିଛନ୍ତି। ସେ ୪୦ ବର୍ଷରୁ ଅଧିକ ସମୟ ସେନାରେ ସେବା କରିଥିଲେ। ତାଙ୍କୁ ପରମ ବିଶିଷ୍ଟ ସେବା ପଦକ ଓ ଅତି ବିଶିଷ୍ଟ ସେବା ପଦକରେ ସମ୍ମାନିତ କରାଯାଇଥିଲା। ସେ ଓଡ଼ିଶାର ସନ୍ତାନ ଭାବେ ଗର୍ବ ସୃଷ୍ଟି କରିଥିଲେ।

ପ୍ରତିରକ୍ଷା କ୍ଷେତ୍ରରେ ଆତ୍ମନିର୍ଭରଶୀଳତା ଦିଗରେ ଗୁରୁତ୍ୱ ଦିଆଯାଇଛି। ଦେଶରେ ନିର୍ମିତ ଅସ୍ତ୍ରଶସ୍ତ୍ର ବର୍ତ୍ତମାନ ବିଦେଶକୁ ରପ୍ତାନି ହେଉଛି। ଜାତୀୟ ସ୍ୱାଭିମାନକୁ ପ୍ରାଥମିକତା ଦିଆଯାଇଛି ବୋଲି ରାଷ୍ଟ୍ରପତି କହିଛନ୍ତି।

୧୦
